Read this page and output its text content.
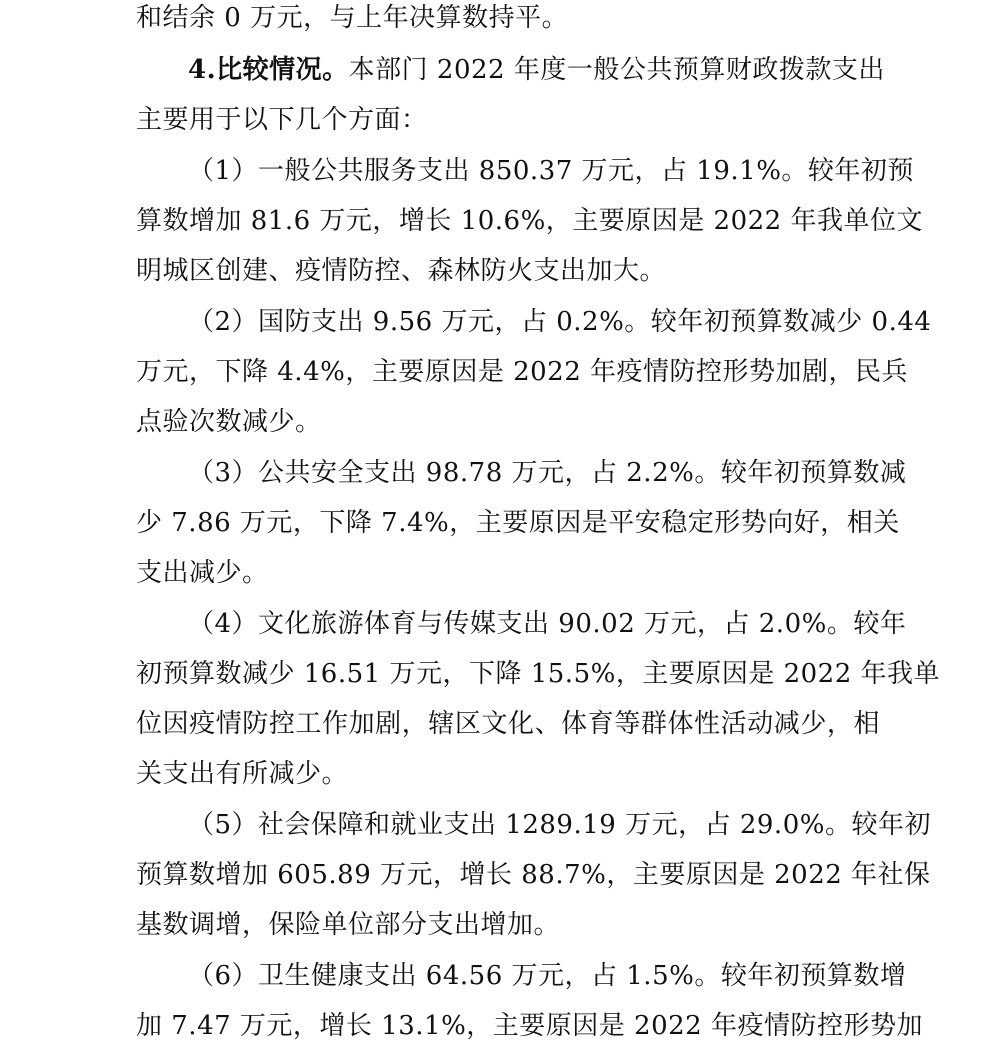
和结余 0 万元，与上年决算数持平。
4.比较情况。本部门 2022 年度一般公共预算财政拨款支出
主要用于以下几个方面：
（1）一般公共服务支出 850.37 万元，占 19.1%。较年初预
算数增加 81.6 万元，增长 10.6%，主要原因是 2022 年我单位文
明城区创建、疫情防控、森林防火支出加大。
（2）国防支出 9.56 万元，占 0.2%。较年初预算数减少 0.44
万元，下降 4.4%，主要原因是 2022 年疫情防控形势加剧，民兵
点验次数减少。
（3）公共安全支出 98.78 万元，占 2.2%。较年初预算数减
少 7.86 万元，下降 7.4%，主要原因是平安稳定形势向好，相关
支出减少。
（4）文化旅游体育与传媒支出 90.02 万元，占 2.0%。较年
初预算数减少 16.51 万元，下降 15.5%，主要原因是 2022 年我单
位因疫情防控工作加剧，辖区文化、体育等群体性活动减少，相
关支出有所减少。
（5）社会保障和就业支出 1289.19 万元，占 29.0%。较年初
预算数增加 605.89 万元，增长 88.7%，主要原因是 2022 年社保
基数调增，保险单位部分支出增加。
（6）卫生健康支出 64.56 万元，占 1.5%。较年初预算数增
加 7.47 万元，增长 13.1%，主要原因是 2022 年疫情防控形势加
